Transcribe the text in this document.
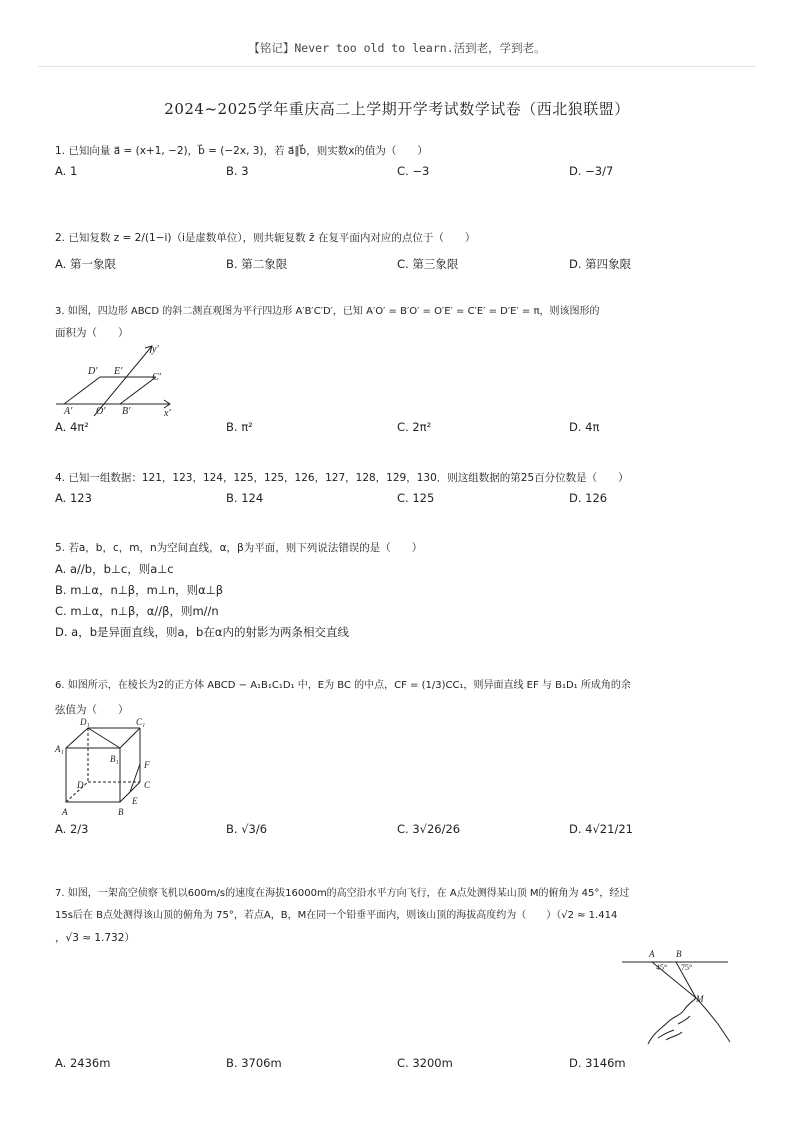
【铭记】Never too old to learn.活到老，学到老。
2024~2025学年重庆高二上学期开学考试数学试卷（西北狼联盟）
1. 已知向量 a⃗ = (x+1, −2)，b⃗ = (−2x, 3)，若 a⃗∥b⃗，则实数x的值为（　　）
A. 1	B. 3	C. −3	D. −3/7
2. 已知复数 z = 2/(1−i)（i是虚数单位），则共轭复数 z̄ 在复平面内对应的点位于（　　）
A. 第一象限	B. 第二象限	C. 第三象限	D. 第四象限
3. 如图，四边形 ABCD 的斜二测直观图为平行四边形 A′B′C′D′，已知 A′O′ = B′O′ = O′E′ = C′E′ = D′E′ = π，则该图形的
面积为（　　）
y′
x′
D′ E′
C′
A′ O′ B′
A. 4π²	B. π²	C. 2π²	D. 4π
4. 已知一组数据：121，123，124，125，125，126，127，128，129，130．则这组数据的第25百分位数是（　　）
A. 123	B. 124	C. 125	D. 126
5. 若a，b，c，m，n为空间直线，α，β为平面，则下列说法错误的是（　　）
A. a//b，b⊥c，则a⊥c
B. m⊥α，n⊥β，m⊥n，则α⊥β
C. m⊥α，n⊥β，α//β，则m//n
D. a，b是异面直线，则a，b在α内的射影为两条相交直线
6. 如图所示，在棱长为2的正方体 ABCD − A₁B₁C₁D₁ 中，E为 BC 的中点，CF = (1/3)CC₁，则异面直线 EF 与 B₁D₁ 所成角的余
弦值为（　　）
D₁	C₁
A₁
B₁
F
C
D
E
A	B
A. 2/3	B. √3/6	C. 3√26/26	D. 4√21/21
7. 如图，一架高空侦察飞机以600m/s的速度在海拔16000m的高空沿水平方向飞行，在 A点处测得某山顶 M的俯角为 45°，经过
15s后在 B点处测得该山顶的俯角为 75°，若点A，B，M在同一个铅垂平面内，则该山顶的海拔高度约为（　　）（√2 ≈ 1.414
，√3 ≈ 1.732）
A B
45° 75°
M
A. 2436m	B. 3706m	C. 3200m	D. 3146m
